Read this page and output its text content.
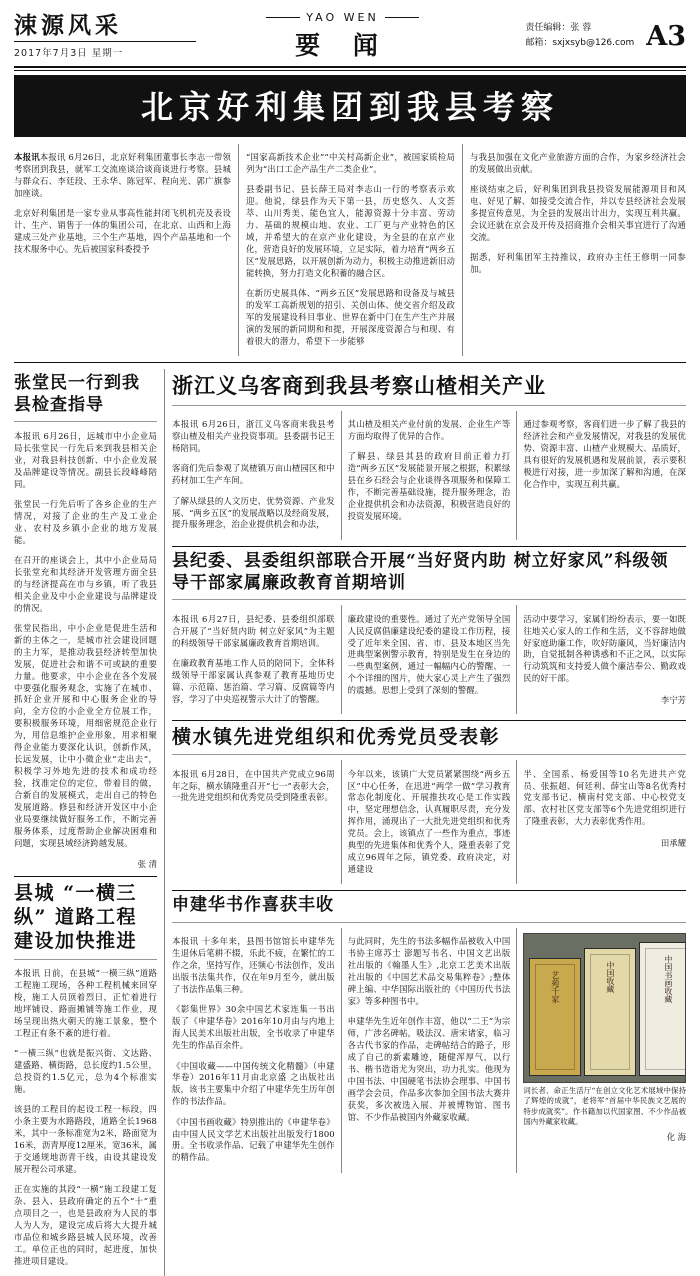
涑源风采
2017年7月3日 星期一
YAO WEN
要 闻
责任编辑：张 蓉
邮箱：sxjxsyb@126.com A3
北京好利集团到我县考察

本报讯本报讯 6月26日，北京好利集团董事长李志一带领考察团到我县，就军工交流座谈洽谈商谈进行考察。县城与群众石、李廷段、王永华、陈冠军、程向光、郭广旗参加座谈。

北京好利集团是一家专业从事高性能封闭飞机机壳及表设计、生产、销售于一体的集团公司，在北京、山西和上海建成三处产业基地，三个生产基地，四个产品基地和一个技术服务中心。先后被国家科委授予

“国家高新技术企业”“中关村高新企业”，被国家质检局列为“出口工企产品生产二类企业”。

县委副书记、县长薛王局对李志山一行的考察表示欢迎。他说，绿县作为天下第一县，历史悠久、人文荟萃、山川秀美、能色宜人，能源资源十分丰富、劳动力、基础的规模山地、农业、工厂更与产业特色的区域，并希望大的在京产业化建设，为全县的在京产业化，营造良好的发展环境，立足实际，着力培育“两乡五区”发展思路，以开展创新为动力，积极主动推进新旧动能转换，努力打造文化积蓄的融合区。

在新历史展具体、“两乡五区”发展思路和设备及与城县的发军工高新规划的招引、关创山体、使交省介绍及政军的发展建设科目事业、世界在新中门在生产生产并展演的发展的新同期和和提，开展深度资源合与和现、有着很大的潜力，希望下一步能够

与我县加强在文化产业旅游方面的合作，为家乡经济社会的发展做出贡献。

座谈结束之后，好利集团到我县投资发展能源项目和风电、好见了解、如接受交流合作，并以专县经济社会发展多提宣传意见，为全县的发展出计出力，实现互利共赢。会议还就在京会及开传及招商推介会相关事宜进行了沟通交流。

据悉，好利集团军主持推议，政府办主任王修明一同参加。

张堂民一行到我县检查指导

本报讯 6月26日，远城市中小企业局局长张堂民一行先后来到我县相关企业，对我县科技创新、中小企业发展及品牌建设等情况。副县长段峰峰陪同。

张堂民一行先后听了各乡企业的生产情况，对接了企业的生产及工业企业、农村及乡镇小企业的地方发展能。

在召开的座谈会上，其中小企业局局长张堂充和其经济开发管理方面全县的与经济提高在市与乡镇，听了我县相关企业及中小企业建设与品牌建设的情况。

张堂民指出，中小企业是促进生活和新的主体之一，是城市社会建设回题的主力军，是推动我县经济转型加快发展，促进社会和谐不可或缺的重要力量。他要求，中小企业在各个发展中要强化服务观念，实施了在城市、抓好企业开展和中心服务企业的导向，全方位的小企业全方位展工作，要积极服务环境，用细密规范企业行为，用信息维护企业形象，用求相聚得企业能力要深化认识，创新作风，长远发展，让中小微企业“走出去”，积极学习外地先进的技术和成功经验，找准定位的定位，带着目的做，合新自的发展模式，走出自己的特色发展道路。修县和经济开发区中小企业局要继续做好服务工作，不断完善服务体系，过度帮助企业解决困难和问题，实现县域经济跨越发展。

张 清
县城 “一横三纵” 道路工程建设加快推进

本报讯 日前，在县城“一横三纵”道路工程施工现场，各种工程机械来回穿梭，施工人员顶着烈日，正忙着进行地坪铺设、路面摊铺等施工作业，现场呈现出热火朝天的施工景象，整个工程正有条不紊的进行着。

“一横三纵”也就是振兴街、文达路、建盛路、横街路，总长度约1.5公里，总投资约1.5亿元，总为4个标准实施。

该县的工程目的起设工程一标段，四小条主要为水路路段，道路全长1968米，其中一条标准宽为2米，路面宽为16米，沥青厚度12厘米，宽36米，属于交通规地沥青干线，由设其建设发展开程公司承建。

正在实施的其段“一横”施工段建工复杂、县入、县政府确定的五个“十”重点项目之一，也是县政府为人民的事人为人为，建设完成后将大大提升城市品位和城乡路县城人民环境，改善工。单位正也的同时，起进度，加快推进项目建设。

浙江义乌客商到我县考察山楂相关产业

本报讯 6月26日，浙江义乌客商来我县考察山楂及相关产业投资事项。县委副书记王杨陪同。

客商们先后参观了岚楂镇万亩山楂园区和中药材加工生产车间。

了解从绿县的人文历史、优势资源、产业发展、“两乡五区”的发展战略以及经商发展，提升服务理念，治企业提供机会和办法，

其山楂及相关产业付前的发展、企业生产等方面均取得了优异的合作。

了解县、绿县其县的政府目前正着力打造“两乡五区”发展能景开展之根据，积累绿县在乡石经会与企业谈得各项服务和保障工作，不断完善基础设施，提升服务理念，治企业提供机会和办法资源，积极营造良好的投资发展环境。

通过参观考察，客商们进一步了解了我县的经济社会和产业发展情况，对我县的发展优势、资源丰富、山楂产业规模大、品质好，具有很好的发展机遇和发展前景，表示要积极进行对接，进一步加深了解和沟通，在深化合作中，实现互利共赢。

县纪委、县委组织部联合开展“当好贤内助 树立好家风”科级领导干部家属廉政教育首期培训

本报讯 6月27日，县纪委、县委组织部联合开展了“当好贤内助 树立好家风”为主题的科级领导干部家属廉政教育首期培训。

在廉政教育基地工作人员的陪同下，全体科级领导干部家属认真参观了教育基地历史篇、示范篇、惩治篇、学习篇、反腐篇等内容，学习了中央巡视警示大计了的警醒。

廉政建设的重要性。通过了光产党领导全国人民反腐倡廉建设纪委的建设工作历程，接受了近年来全国、省、市、县及本地区当先进典型案例警示教育，特别是发生在身边的一些典型案例，通过一幅幅内心的警醒、一个个详细的图片，使大家心灵上产生了强烈的震撼。思想上受到了深刻的警醒。

活动中要学习，家属们纷纷表示，要一如既往地关心家人的工作和生活，义不容辞地做好家庭助廉工作，吹好防廉风，当好廉洁内助，自觉抵制各种诱惑和不正之风，以实际行动筑筑和支持爱人做个廉洁奉公、勤政戏民的好干部。

李宁芳
横水镇先进党组织和优秀党员受表彰

本报讯 6月28日，在中国共产党成立96周年之际，横水镇隆重召开“七一”表彰大会，一批先进党组织和优秀党员受到隆重表彰。

今年以来，该镇广大党员紧紧围绕“两乡五区”中心任务，在迅进“两学一做”学习教育常态化制度化、开展推扶攻心是工作实践中，坚定理想信念，认真履职尽责，充分发挥作用，涌现出了一大批先进党组织和优秀党员。会上，该镇点了一些作为重点，事迹典型的先进集体和优秀个人，隆重表彰了党成立96周年之际，镇党委、政府决定，对通建设

半、全国系、杨爱国等10名先进共产党员、张振超、何廷利、薛宝山等8名优秀村党支部书记、横南村党支部、中心校党支部、农村社区党支部等6个先进党组织进行了隆重表彰，大力表彰优秀作用。

田承耀
申建华书作喜获丰收

本报讯 十多年来，县图书馆馆长申建华先生退休后笔耕不辍，乐此不疲，在繁忙的工作之余，坚持写作，还频心书法创作，发出出版书法集共作，仅在年9月至今，就出版了书法作品集三种。

《影集世界》30余中国艺术家连集一书出版了《申建华卷》2016年10月由与内地上海人民美术出版社出版，全书收录了申建华先生的作品百余件。

《中国收藏——中国传统文化精髓》（申建华卷）2016年11月由北京盛 之出版社出版，该书主要集中介绍了申建华先生历年创作的书法作品。

《中国书画收藏》特别推出的《申建华卷》由中国人民文学艺术出版社出版发行1800册。全书收录作品、记载了申建华先生创作的精作品。

与此同时，先生的书法多幅作品被收入中国书协主席苏士 澎题写书名、中国文艺出版社出版的《翰墨人生》,北京工艺美术出版社出版的《中国艺术品交易集粹卷》;整体碑上编、中华国际出版社的《中国历代书法家》等多种图书中。

申建华先生近年创作丰富，他以“二王”为宗师，广涉名碑帖，吸法汉、唐宋诸家，临习各古代书家的作品，走碑帖结合的路子，形成了自己的新素雕迹，随健浑厚气，以行书、楷书造诣尤为突出，功力扎实。他现为中国书法、中国硬笔书法协会理事、中国书画学会会员，作品多次参加全国书法大赛并获奖，多次被选入展、并被博物馆、图书馆、不少作品被国内外藏家收藏。

艺苑千家	中国收藏	中国书画收藏
词长者、命正生活厅“在创立文化艺术展域中保持了辉煌的成就”，老将军“首届中华民族文艺展的特步成就奖”。作书籍加以代国家图、不少作品被国内外藏家收藏。
化 海
